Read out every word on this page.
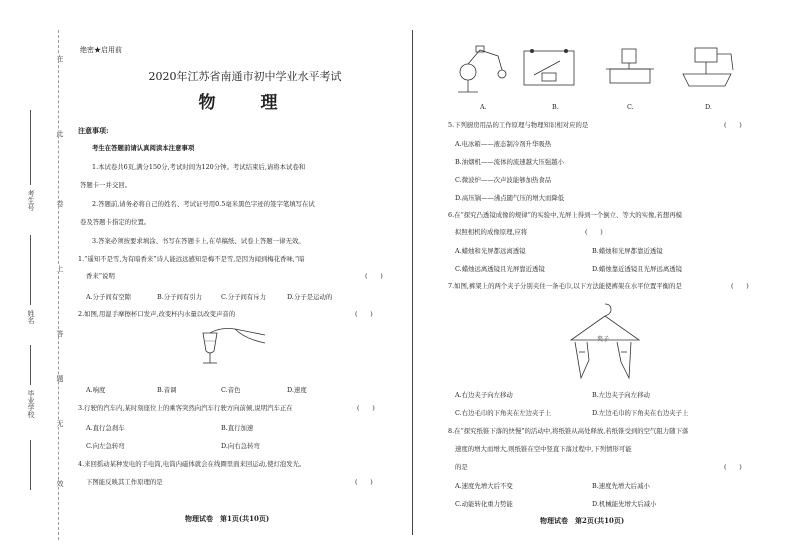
考生号
姓名
毕业学校
在
此
卷
上
答
题
无
效
绝密★启用前
2020年江苏省南通市初中学业水平考试
物　理
注意事项:
考生在答题前请认真阅读本注意事项
1.本试卷共6页,满分150分,考试时间为120分钟。考试结束后,请将本试卷和
答题卡一并交回。
2.答题前,请务必将自己的姓名、考试证号用0.5毫米黑色字迹的签字笔填写在试
卷及答题卡指定的位置。
3.答案必须按要求填涂、书写在答题卡上,在草稿纸、试卷上答题一律无效。
1.“遥知不是雪,为有暗香来”诗人能远远感知是梅不是雪,是因为闻到梅花香味,“暗
香来”说明	(　　)
A.分子间有空隙	B.分子间有引力	C.分子间有斥力	D.分子是运动的
2.如图,用湿手摩擦杯口发声,改变杯内水量以改变声音的	(　　)
A.响度	B.音调	C.音色	D.速度
3.行驶的汽车内,某时刻座位上的乘客突然向汽车行驶方向前倾,说明汽车正在	(　　)
A.直行急刹车	B.直行加速
C.向左急转弯	D.向右急转弯
4.来回摇动某种发电的手电筒,电筒内磁体就会在线圈里面来回运动,使灯泡发光。
下图能反映其工作原理的是	(　　)
物理试卷　第1页(共10页)
A.	B.	C.	D.
5.下列厨房用品的工作原理与物理知识相对应的是	(　　)
A.电冰箱——液态制冷剂升华吸热
B.油烟机——流体的流速越大压强越小
C.微波炉——次声波能够加热食品
D.高压锅——沸点随气压的增大而降低
6.在“探究凸透镜成像的规律”的实验中,光屏上得到一个倒立、等大的实像,若想再模
拟照相机的成像原理,应将	(　　)
A.蜡烛和光屏都远离透镜	B.蜡烛和光屏都靠近透镜
C.蜡烛远离透镜且光屏靠近透镜	D.蜡烛靠近透镜且光屏远离透镜
7.如图,裤架上的两个夹子分别夹住一条毛巾,以下方法能使裤架在水平位置平衡的是	(　　)
夹子
A.右边夹子向左移动	B.左边夹子向左移动
C.右边毛巾的下角夹在左边夹子上	D.左边毛巾的下角夹在右边夹子上
8.在“探究纸锥下落的快慢”的活动中,将纸锥从高处释放,若纸锥受到的空气阻力随下落
速度的增大而增大,则纸锥在空中竖直下落过程中,下列情形可能
的是	(　　)
A.速度先增大后不变	B.速度先增大后减小
C.动能转化重力势能	D.机械能先增大后减小
物理试卷　第2页(共10页)
